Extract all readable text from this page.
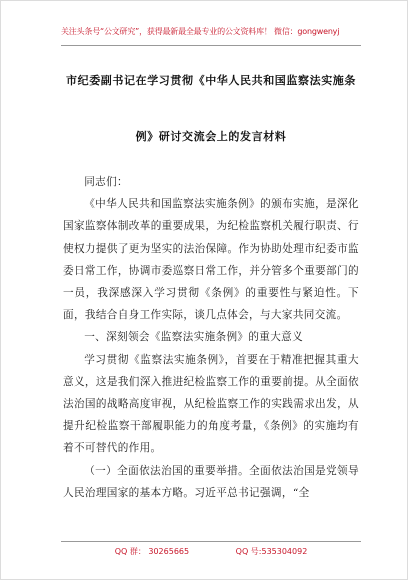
关注头条号“公文研究”，获得最新最全最专业的公文资料库！ 微信：gongwenyj
市纪委副书记在学习贯彻《中华人民共和国监察法实施条
例》研讨交流会上的发言材料

同志们：

《中华人民共和国监察法实施条例》的颁布实施，是深化国家监察体制改革的重要成果，为纪检监察机关履行职责、行使权力提供了更为坚实的法治保障。作为协助处理市纪委市监委日常工作，协调市委巡察日常工作，并分管多个重要部门的一员，我深感深入学习贯彻《条例》的重要性与紧迫性。下面，我结合自身工作实际，谈几点体会，与大家共同交流。

一、深刻领会《监察法实施条例》的重大意义

学习贯彻《监察法实施条例》，首要在于精准把握其重大意义，这是我们深入推进纪检监察工作的重要前提。从全面依法治国的战略高度审视，从纪检监察工作的实践需求出发，从提升纪检监察干部履职能力的角度考量，《条例》的实施均有着不可替代的作用。

（一）全面依法治国的重要举措。全面依法治国是党领导人民治理国家的基本方略。习近平总书记强调，“全

QQ 群： 30265665	QQ 号:535304092
